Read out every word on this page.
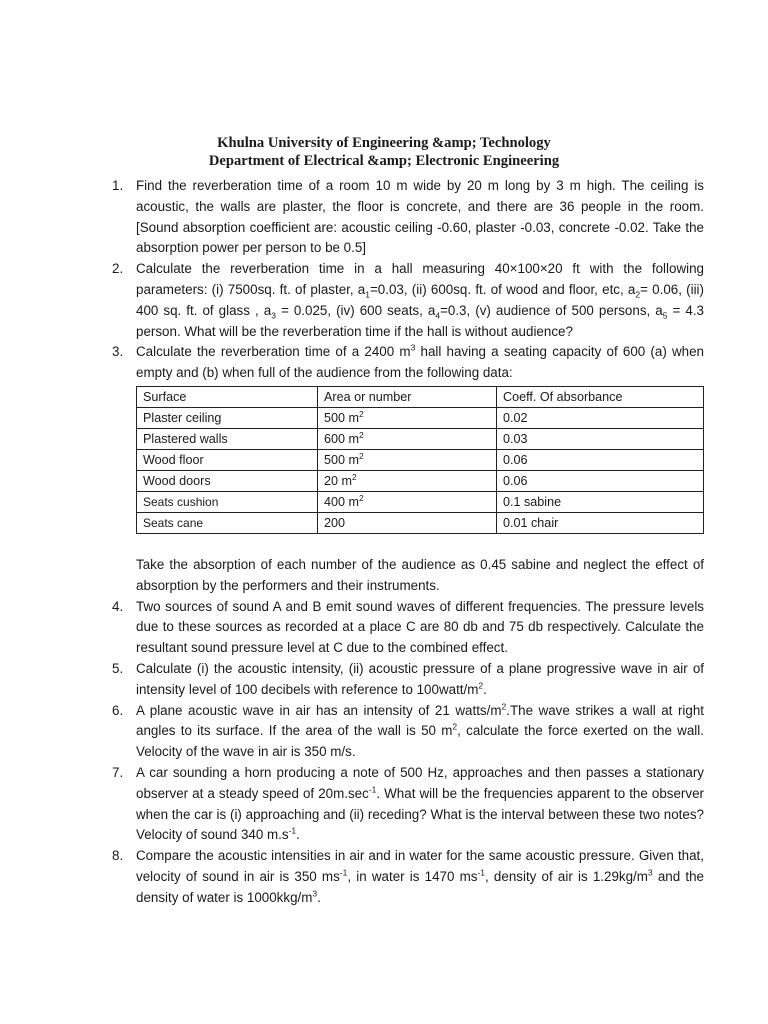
Khulna University of Engineering &amp; Technology
Department of Electrical &amp; Electronic Engineering
1. Find the reverberation time of a room 10 m wide by 20 m long by 3 m high. The ceiling is acoustic, the walls are plaster, the floor is concrete, and there are 36 people in the room. [Sound absorption coefficient are: acoustic ceiling -0.60, plaster -0.03, concrete -0.02. Take the absorption power per person to be 0.5]
2. Calculate the reverberation time in a hall measuring 40×100×20 ft with the following parameters: (i) 7500sq. ft. of plaster, $a_1=0.03$, (ii) 600sq. ft. of wood and floor, etc, $a_2= 0.06$, (iii) 400 sq. ft. of glass , $a_3 = 0.025$, (iv) 600 seats, $a_4=0.3$, (v) audience of 500 persons, $a_5 = 4.3$ person. What will be the reverberation time if the hall is without audience?
3. Calculate the reverberation time of a 2400 $m^3$ hall having a seating capacity of 600 (a) when empty and (b) when full of the audience from the following data:
Surface	Area or number	Coeff. Of absorbance
Plaster ceiling	500 $m^2$	0.02
Plastered walls	600 $m^2$	0.03
Wood floor	500 $m^2$	0.06
Wood doors	20 $m^2$	0.06
Seats cushion	400 $m^2$	0.1 sabine
Seats cane	200	0.01 chair
Take the absorption of each number of the audience as 0.45 sabine and neglect the effect of absorption by the performers and their instruments.
4. Two sources of sound A and B emit sound waves of different frequencies. The pressure levels due to these sources as recorded at a place C are 80 db and 75 db respectively. Calculate the resultant sound pressure level at C due to the combined effect.
5. Calculate (i) the acoustic intensity, (ii) acoustic pressure of a plane progressive wave in air of intensity level of 100 decibels with reference to $100watt/m^2$.
6. A plane acoustic wave in air has an intensity of 21 watts/$m^2.The$ wave strikes a wall at right angles to its surface. If the area of the wall is 50 $m^2$, calculate the force exerted on the wall. Velocity of the wave in air is 350 m/s.
7. A car sounding a horn producing a note of 500 Hz, approaches and then passes a stationary observer at a steady speed of $20m.\sec^{-1}$. What will be the frequencies apparent to the observer when the car is (i) approaching and (ii) receding? What is the interval between these two notes? Velocity of sound 340 $m.s^{-1}$.
8. Compare the acoustic intensities in air and in water for the same acoustic pressure. Given that, velocity of sound in air is 350 $ms^{-1}$, in water is 1470 $ms^{-1}$, density of air is $1.29kg/m^3$ and the density of water is $1000kkg/m^3$.
